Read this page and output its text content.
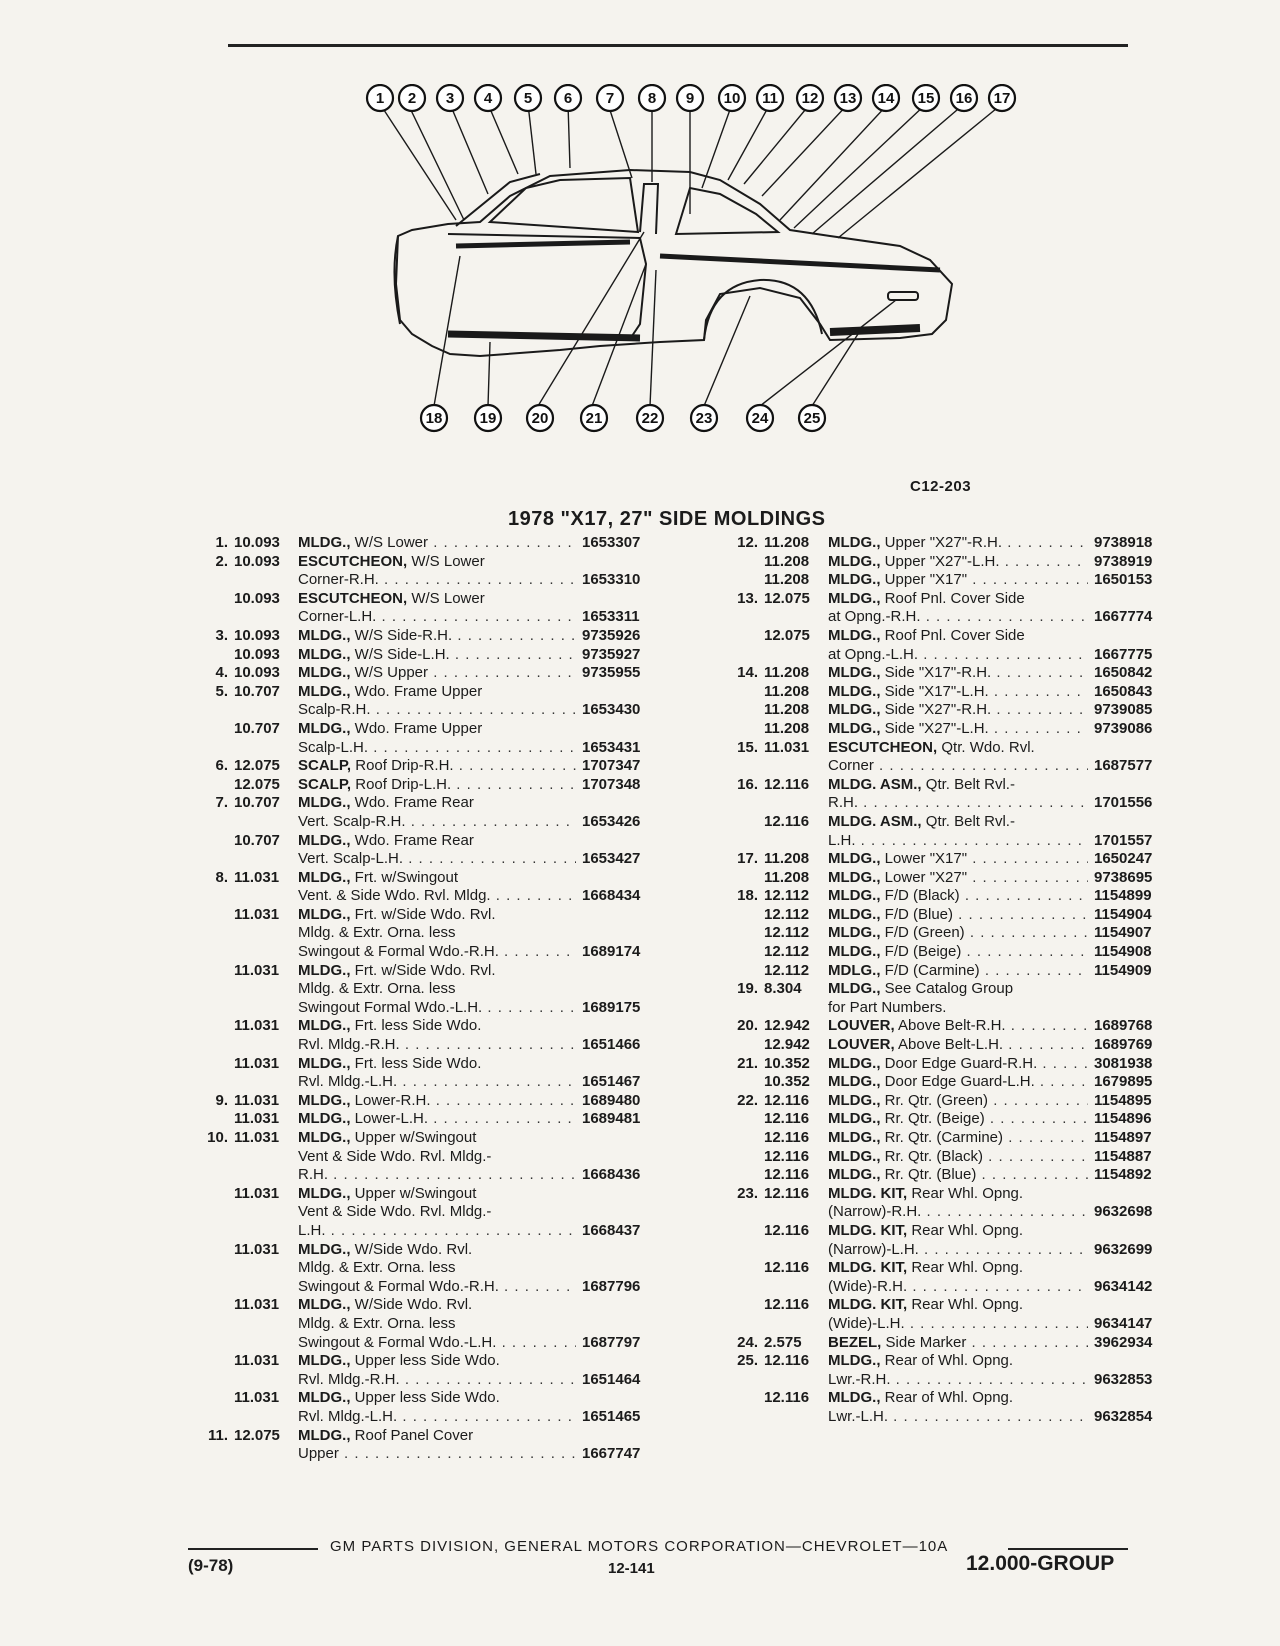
1 2 3 4 5 6 7 8 9 10 11 12 13 14 15 16 17
18 19 20 21	22 23	24 25
C12-203
1978 "X17, 27" SIDE MOLDINGS
1. 10.093	MLDG., W/S Lower . . .	1653307
2. 10.093	ESCUTCHEON, W/S Lower
Corner-R.H. . . .	1653310
10.093	ESCUTCHEON, W/S Lower
Corner-L.H. . . .	1653311
3. 10.093	MLDG., W/S Side-R.H. . . .	9735926
10.093	MLDG., W/S Side-L.H. . . .	9735927
4. 10.093	MLDG., W/S Upper . . .	9735955
5. 10.707	MLDG., Wdo. Frame Upper
Scalp-R.H. . . .	1653430
10.707	MLDG., Wdo. Frame Upper
Scalp-L.H. . . .	1653431
6. 12.075	SCALP, Roof Drip-R.H. . . .	1707347
12.075	SCALP, Roof Drip-L.H. . . .	1707348
7. 10.707	MLDG., Wdo. Frame Rear
Vert. Scalp-R.H. . . .	1653426
10.707	MLDG., Wdo. Frame Rear
Vert. Scalp-L.H. . . .	1653427
8. 11.031	MLDG., Frt. w/Swingout
Vent. & Side Wdo. Rvl. Mldg. . . .	1668434
11.031	MLDG., Frt. w/Side Wdo. Rvl.
Mldg. & Extr. Orna. less
Swingout & Formal Wdo.-R.H. . . .	1689174
11.031	MLDG., Frt. w/Side Wdo. Rvl.
Mldg. & Extr. Orna. less
Swingout Formal Wdo.-L.H. . . .	1689175
11.031	MLDG., Frt. less Side Wdo.
Rvl. Mldg.-R.H. . . .	1651466
11.031	MLDG., Frt. less Side Wdo.
Rvl. Mldg.-L.H. . . .	1651467
9. 11.031	MLDG., Lower-R.H. . . .	1689480
11.031	MLDG., Lower-L.H. . . .	1689481
10. 11.031	MLDG., Upper w/Swingout
Vent & Side Wdo. Rvl. Mldg.-
R.H. . . .	1668436
11.031	MLDG., Upper w/Swingout
Vent & Side Wdo. Rvl. Mldg.-
L.H. . . .	1668437
11.031	MLDG., W/Side Wdo. Rvl.
Mldg. & Extr. Orna. less
Swingout & Formal Wdo.-R.H. . . .	1687796
11.031	MLDG., W/Side Wdo. Rvl.
Mldg. & Extr. Orna. less
Swingout & Formal Wdo.-L.H. . . .	1687797
11.031	MLDG., Upper less Side Wdo.
Rvl. Mldg.-R.H. . . .	1651464
11.031	MLDG., Upper less Side Wdo.
Rvl. Mldg.-L.H. . . .	1651465
11. 12.075	MLDG., Roof Panel Cover
Upper . . .	1667747
12. 11.208	MLDG., Upper "X27"-R.H. . . .	9738918
11.208	MLDG., Upper "X27"-L.H. . . .	9738919
11.208	MLDG., Upper "X17" . . .	1650153
13. 12.075	MLDG., Roof Pnl. Cover Side
at Opng.-R.H. . . .	1667774
12.075	MLDG., Roof Pnl. Cover Side
at Opng.-L.H. . . .	1667775
14. 11.208	MLDG., Side "X17"-R.H. . . .	1650842
11.208	MLDG., Side "X17"-L.H. . . .	1650843
11.208	MLDG., Side "X27"-R.H. . . .	9739085
11.208	MLDG., Side "X27"-L.H. . . .	9739086
15. 11.031	ESCUTCHEON, Qtr. Wdo. Rvl.
Corner . . .	1687577
16. 12.116	MLDG. ASM., Qtr. Belt Rvl.-
R.H. . . .	1701556
12.116	MLDG. ASM., Qtr. Belt Rvl.-
L.H. . . .	1701557
17. 11.208	MLDG., Lower "X17" . . .	1650247
11.208	MLDG., Lower "X27" . . .	9738695
18. 12.112	MLDG., F/D (Black) . . .	1154899
12.112	MLDG., F/D (Blue) . . .	1154904
12.112	MLDG., F/D (Green) . . .	1154907
12.112	MLDG., F/D (Beige) . . .	1154908
12.112	MDLG., F/D (Carmine) . . .	1154909
19. 8.304	MLDG., See Catalog Group
for Part Numbers.
20. 12.942	LOUVER, Above Belt-R.H. . . .	1689768
12.942	LOUVER, Above Belt-L.H. . . .	1689769
21. 10.352	MLDG., Door Edge Guard-R.H. . . .	3081938
10.352	MLDG., Door Edge Guard-L.H. . . .	1679895
22. 12.116	MLDG., Rr. Qtr. (Green) . . .	1154895
12.116	MLDG., Rr. Qtr. (Beige) . . .	1154896
12.116	MLDG., Rr. Qtr. (Carmine) . . .	1154897
12.116	MLDG., Rr. Qtr. (Black) . . .	1154887
12.116	MLDG., Rr. Qtr. (Blue) . . .	1154892
23. 12.116	MLDG. KIT, Rear Whl. Opng.
(Narrow)-R.H. . . .	9632698
12.116	MLDG. KIT, Rear Whl. Opng.
(Narrow)-L.H. . . .	9632699
12.116	MLDG. KIT, Rear Whl. Opng.
(Wide)-R.H. . . .	9634142
12.116	MLDG. KIT, Rear Whl. Opng.
(Wide)-L.H. . . .	9634147
24. 2.575	BEZEL, Side Marker . . .	3962934
25. 12.116	MLDG., Rear of Whl. Opng.
Lwr.-R.H. . . .	9632853
12.116	MLDG., Rear of Whl. Opng.
Lwr.-L.H. . . .	9632854
GM PARTS DIVISION, GENERAL MOTORS CORPORATION—CHEVROLET—10A
(9-78)	12-141	12.000-GROUP
